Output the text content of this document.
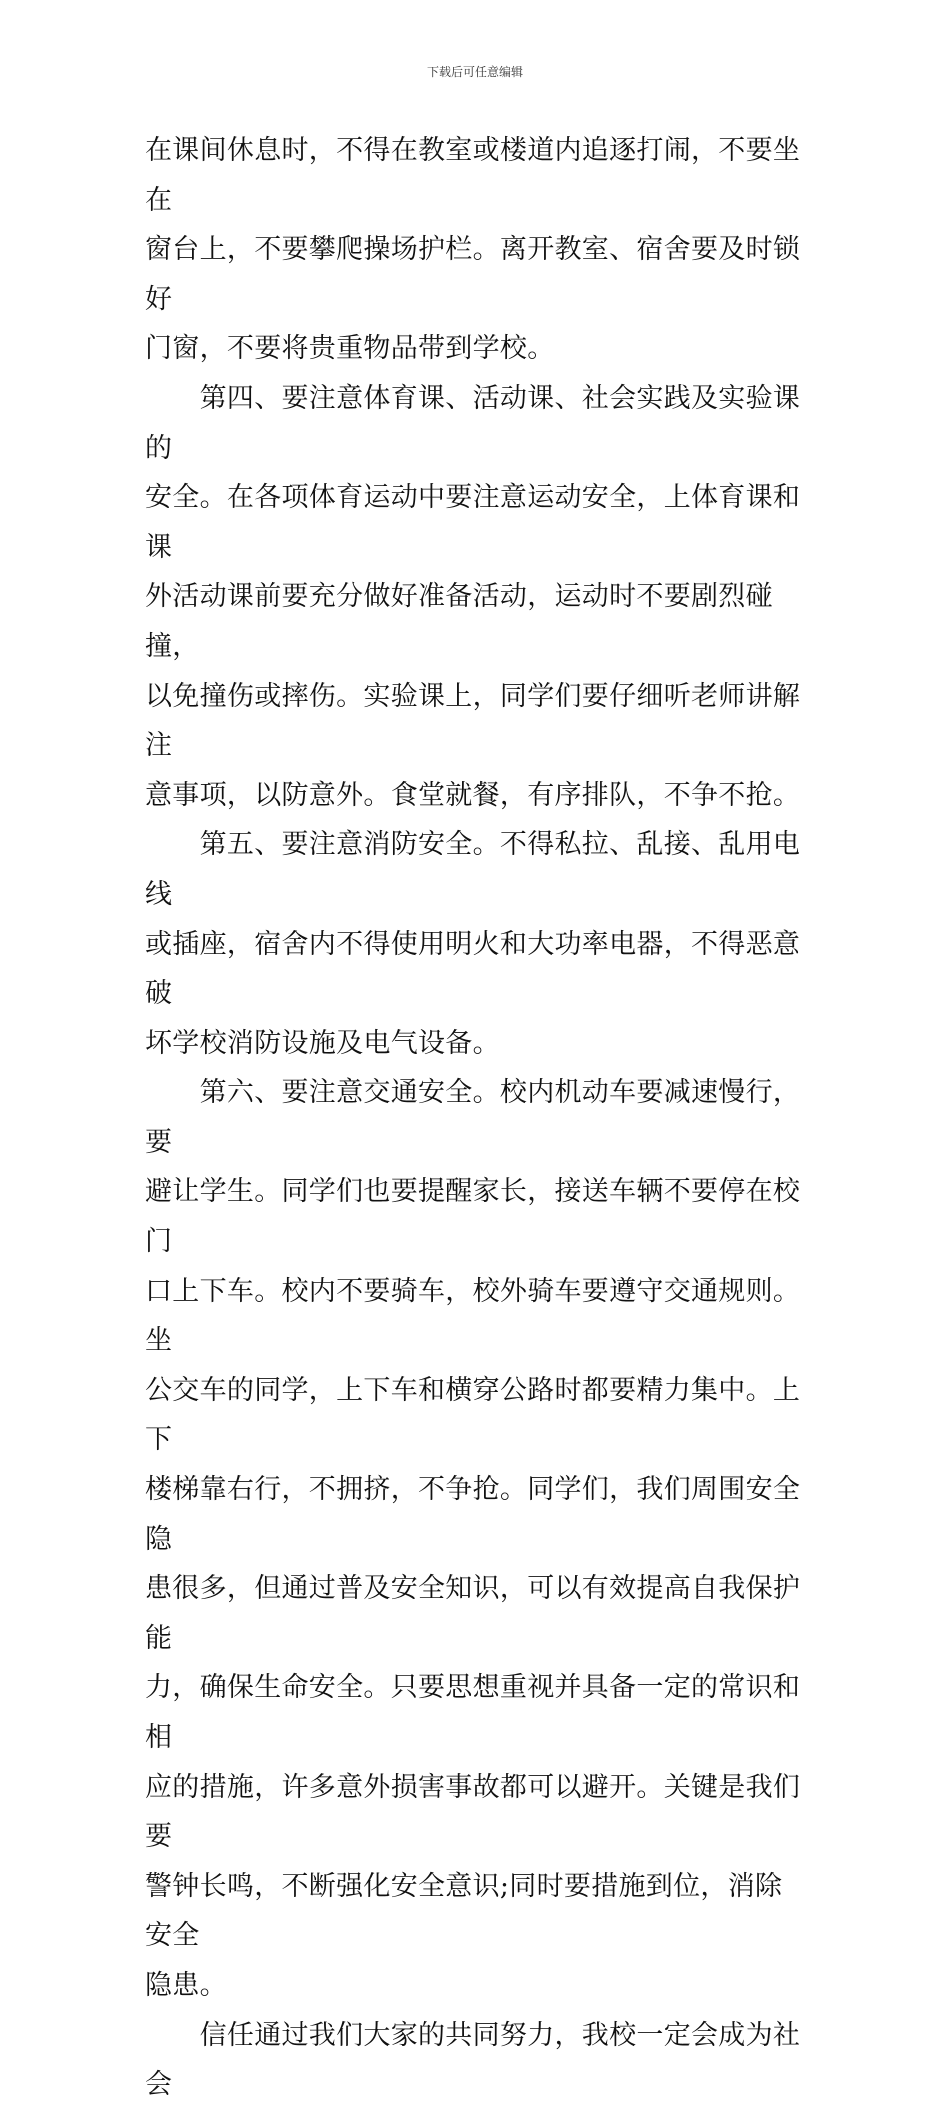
下载后可任意编辑

在课间休息时，不得在教室或楼道内追逐打闹，不要坐在
窗台上，不要攀爬操场护栏。离开教室、宿舍要及时锁好
门窗，不要将贵重物品带到学校。

　　第四、要注意体育课、活动课、社会实践及实验课的
安全。在各项体育运动中要注意运动安全，上体育课和课
外活动课前要充分做好准备活动，运动时不要剧烈碰撞，
以免撞伤或摔伤。实验课上，同学们要仔细听老师讲解注
意事项，以防意外。食堂就餐，有序排队，不争不抢。

　　第五、要注意消防安全。不得私拉、乱接、乱用电线
或插座，宿舍内不得使用明火和大功率电器，不得恶意破
坏学校消防设施及电气设备。

　　第六、要注意交通安全。校内机动车要减速慢行，要
避让学生。同学们也要提醒家长，接送车辆不要停在校门
口上下车。校内不要骑车，校外骑车要遵守交通规则。坐
公交车的同学，上下车和横穿公路时都要精力集中。上下
楼梯靠右行，不拥挤，不争抢。同学们，我们周围安全隐
患很多，但通过普及安全知识，可以有效提高自我保护能
力，确保生命安全。只要思想重视并具备一定的常识和相
应的措施，许多意外损害事故都可以避开。关键是我们要
警钟长鸣，不断强化安全意识;同时要措施到位，消除安全
隐患。

　　信任通过我们大家的共同努力，我校一定会成为社会
